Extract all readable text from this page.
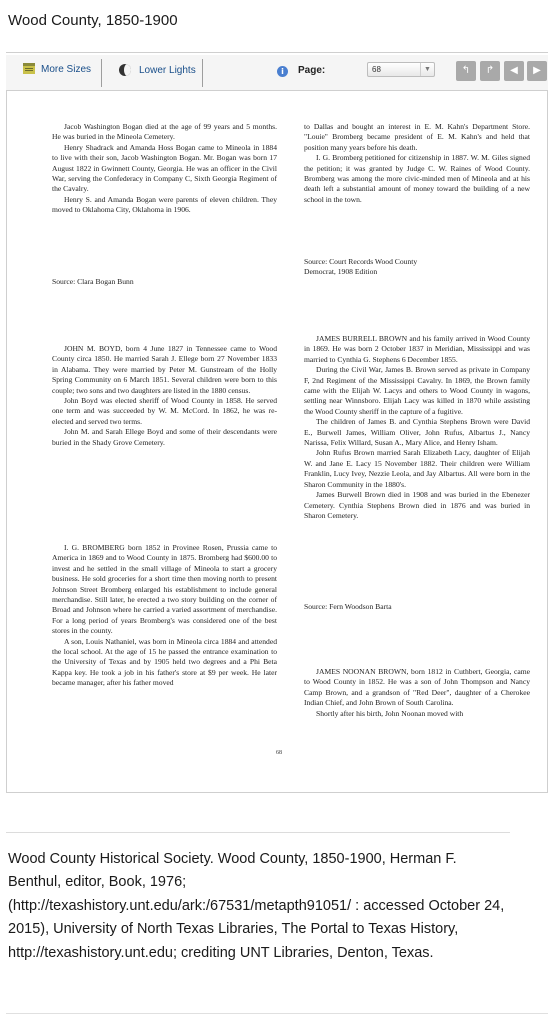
Wood County, 1850-1900
More Sizes	Lower Lights	i	Page:	68	▼	↰	↱	◀	▶

Jacob Washington Bogan died at the age of 99 years and 5 months. He was buried in the Mineola Cemetery.

Henry Shadrack and Amanda Hoss Bogan came to Mineola in 1884 to live with their son, Jacob Washington Bogan. Mr. Bogan was born 17 August 1822 in Gwinnett County, Georgia. He was an officer in the Civil War, serving the Confederacy in Company C, Sixth Georgia Regiment of the Cavalry.

Henry S. and Amanda Bogan were parents of eleven children. They moved to Oklahoma City, Oklahoma in 1906.

Source: Clara Bogan Bunn

JOHN M. BOYD, born 4 June 1827 in Tennessee came to Wood County circa 1850. He married Sarah J. Ellege born 27 November 1833 in Alabama. They were married by Peter M. Gunstream of the Holly Spring Community on 6 March 1851. Several children were born to this couple; two sons and two daughters are listed in the 1880 census.

John Boyd was elected sheriff of Wood County in 1858. He served one term and was succeeded by W. M. McCord. In 1862, he was re-elected and served two terms.

John M. and Sarah Ellege Boyd and some of their descendants were buried in the Shady Grove Cemetery.

I. G. BROMBERG born 1852 in Provinee Rosen, Prussia came to America in 1869 and to Wood County in 1875. Bromberg had $600.00 to invest and he settled in the small village of Mineola to start a grocery business. He sold groceries for a short time then moving north to present Johnson Street Bromberg enlarged his establishment to include general merchandise. Still later, he erected a two story building on the corner of Broad and Johnson where he carried a varied assortment of merchandise. For a long period of years Bromberg's was considered one of the best stores in the county.

A son, Louis Nathaniel, was born in Mineola circa 1884 and attended the local school. At the age of 15 he passed the entrance examination to the University of Texas and by 1905 held two degrees and a Phi Beta Kappa key. He took a job in his father's store at $9 per week. He later became manager, after his father moved

to Dallas and bought an interest in E. M. Kahn's Department Store. "Louie" Bromberg became president of E. M. Kahn's and held that position many years before his death.

I. G. Bromberg petitioned for citizenship in 1887. W. M. Giles signed the petition; it was granted by Judge C. W. Raines of Wood County. Bromberg was among the more civic-minded men of Mineola and at his death left a substantial amount of money toward the building of a new school in the town.

Source: Court Records Wood County
Democrat, 1908 Edition

JAMES BURRELL BROWN and his family arrived in Wood County in 1869. He was born 2 October 1837 in Meridian, Mississippi and was married to Cynthia G. Stephens 6 December 1855.

During the Civil War, James B. Brown served as private in Company F, 2nd Regiment of the Mississippi Cavalry. In 1869, the Brown family came with the Elijah W. Lacys and others to Wood County in wagons, settling near Winnsboro. Elijah Lacy was killed in 1870 while assisting the Wood County sheriff in the capture of a fugitive.

The children of James B. and Cynthia Stephens Brown were David E., Burwell James, William Oliver, John Rufus, Albartus J., Nancy Narissa, Felix Willard, Susan A., Mary Alice, and Henry Isham.

John Rufus Brown married Sarah Elizabeth Lacy, daughter of Elijah W. and Jane E. Lacy 15 November 1882. Their children were William Franklin, Lucy Ivey, Nezzie Leola, and Jay Albartus. All were born in the Sharon Community in the 1880's.

James Burwell Brown died in 1908 and was buried in the Ebenezer Cemetery. Cynthia Stephens Brown died in 1876 and was buried in Sharon Cemetery.

Source: Fern Woodson Barta

JAMES NOONAN BROWN, born 1812 in Cuthbert, Georgia, came to Wood County in 1852. He was a son of John Thompson and Nancy Camp Brown, and a grandson of "Red Deer", daughter of a Cherokee Indian Chief, and John Brown of South Carolina.

Shortly after his birth, John Noonan moved with

68
Wood County Historical Society. Wood County, 1850-1900, Herman F. Benthul, editor, Book, 1976; (http://texashistory.unt.edu/ark:/67531/metapth91051/ : accessed October 24, 2015), University of North Texas Libraries, The Portal to Texas History, http://texashistory.unt.edu; crediting UNT Libraries, Denton, Texas.
